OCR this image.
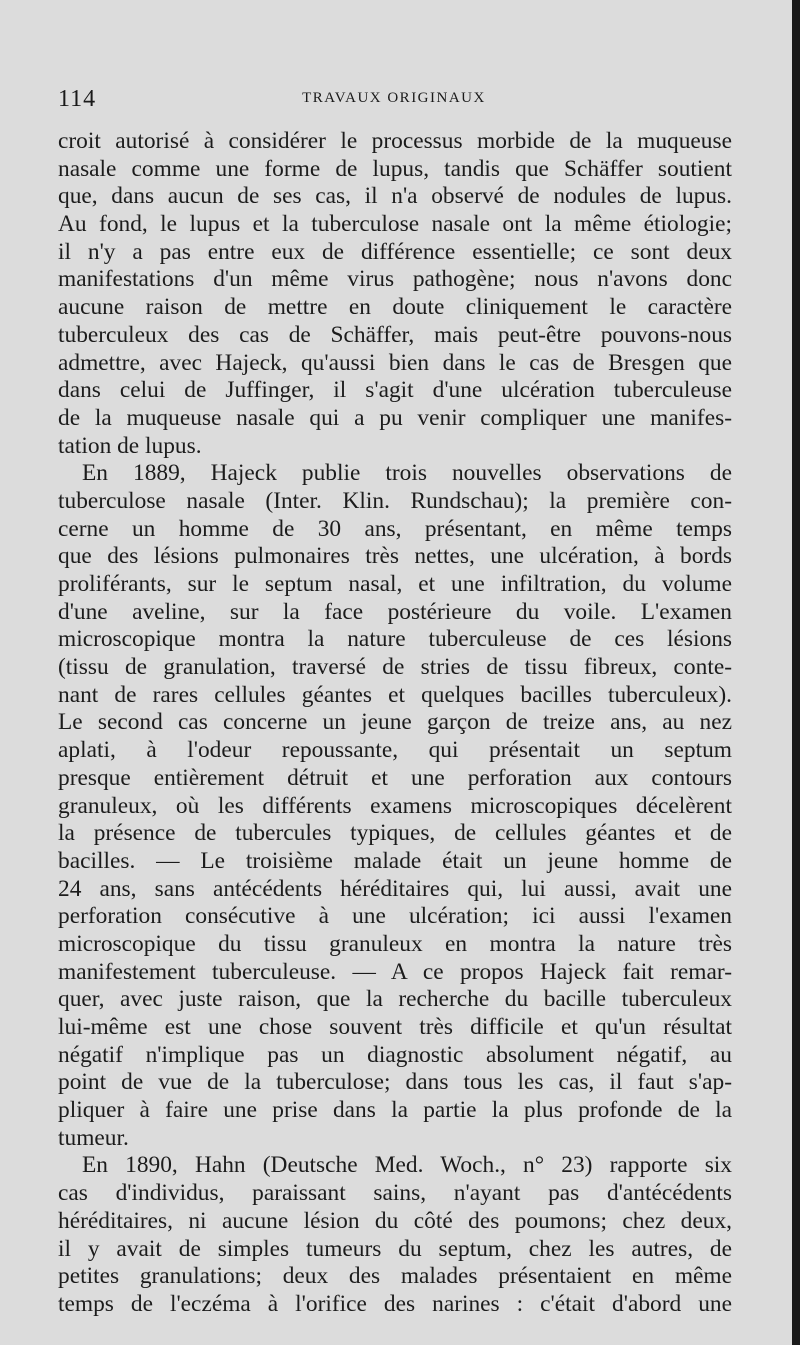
114	TRAVAUX ORIGINAUX
croit autorisé à considérer le processus morbide de la muqueuse
nasale comme une forme de lupus, tandis que Schäffer soutient
que, dans aucun de ses cas, il n'a observé de nodules de lupus.
Au fond, le lupus et la tuberculose nasale ont la même étiologie;
il n'y a pas entre eux de différence essentielle; ce sont deux
manifestations d'un même virus pathogène; nous n'avons donc
aucune raison de mettre en doute cliniquement le caractère
tuberculeux des cas de Schäffer, mais peut-être pouvons-nous
admettre, avec Hajeck, qu'aussi bien dans le cas de Bresgen que
dans celui de Juffinger, il s'agit d'une ulcération tuberculeuse
de la muqueuse nasale qui a pu venir compliquer une manifes-
tation de lupus.
En 1889, Hajeck publie trois nouvelles observations de
tuberculose nasale (Inter. Klin. Rundschau); la première con-
cerne un homme de 30 ans, présentant, en même temps
que des lésions pulmonaires très nettes, une ulcération, à bords
proliférants, sur le septum nasal, et une infiltration, du volume
d'une aveline, sur la face postérieure du voile. L'examen
microscopique montra la nature tuberculeuse de ces lésions
(tissu de granulation, traversé de stries de tissu fibreux, conte-
nant de rares cellules géantes et quelques bacilles tuberculeux).
Le second cas concerne un jeune garçon de treize ans, au nez
aplati, à l'odeur repoussante, qui présentait un septum
presque entièrement détruit et une perforation aux contours
granuleux, où les différents examens microscopiques décelèrent
la présence de tubercules typiques, de cellules géantes et de
bacilles. — Le troisième malade était un jeune homme de
24 ans, sans antécédents héréditaires qui, lui aussi, avait une
perforation consécutive à une ulcération; ici aussi l'examen
microscopique du tissu granuleux en montra la nature très
manifestement tuberculeuse. — A ce propos Hajeck fait remar-
quer, avec juste raison, que la recherche du bacille tuberculeux
lui-même est une chose souvent très difficile et qu'un résultat
négatif n'implique pas un diagnostic absolument négatif, au
point de vue de la tuberculose; dans tous les cas, il faut s'ap-
pliquer à faire une prise dans la partie la plus profonde de la
tumeur.
En 1890, Hahn (Deutsche Med. Woch., n° 23) rapporte six
cas d'individus, paraissant sains, n'ayant pas d'antécédents
héréditaires, ni aucune lésion du côté des poumons; chez deux,
il y avait de simples tumeurs du septum, chez les autres, de
petites granulations; deux des malades présentaient en même
temps de l'eczéma à l'orifice des narines : c'était d'abord une
